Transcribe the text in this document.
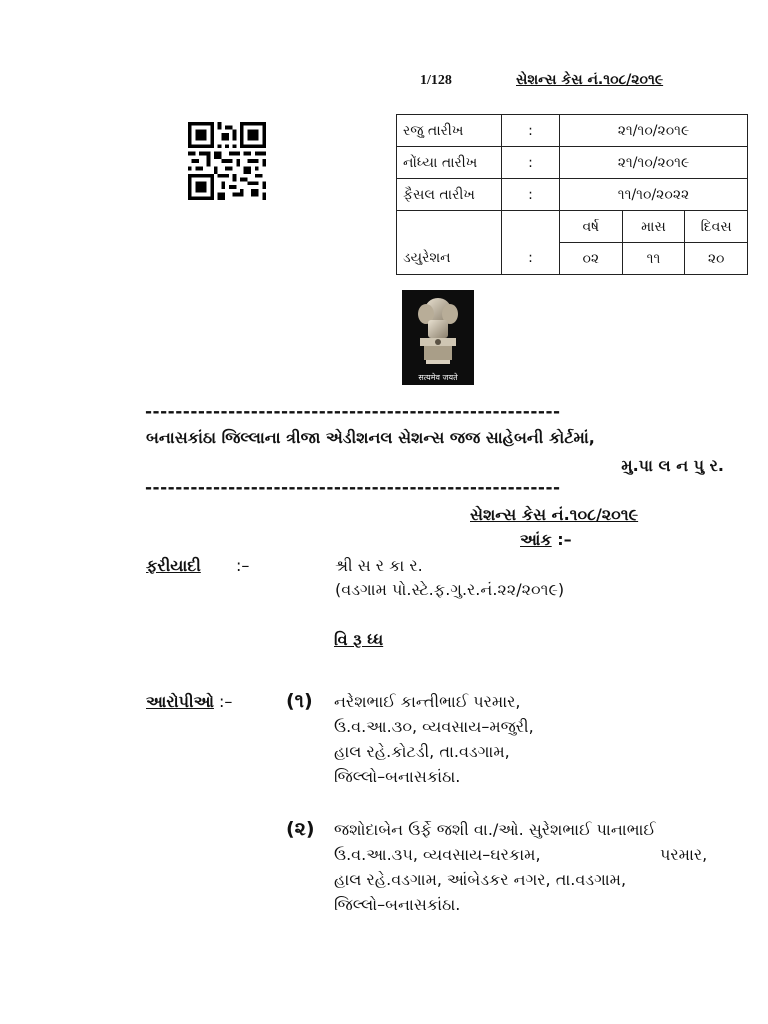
1/128	સેશન્સ કેસ નં.૧૦૮/૨૦૧૯
રજુ તારીખ	:	૨૧/૧૦/૨૦૧૯		
નોંધ્યા તારીખ	:	૨૧/૧૦/૨૦૧૯		
ફૈસલ તારીખ	:	૧૧/૧૦/૨૦૨૨		
ડયુરેશન	:	વર્ષ	માસ	દિવસ
		૦૨	૧૧	૨૦
सत्यमेव जयते
-------------------------------------------------------
બનાસકાંઠા જિલ્લાના ત્રીજા એડીશનલ સેશન્સ જજ સાહેબની કોર્ટમાં,
મુ.પા લ ન પુ ર.
-------------------------------------------------------
સેશન્સ કેસ નં.૧૦૮/૨૦૧૯
આંક :–
ફરીયાદી :–	શ્રી સ ર કા ર.
(વડગામ પો.સ્ટે.ફ.ગુ.ર.નં.૨૨/૨૦૧૯)
વિ રૂ ધ્ધ
આરોપીઓ :–	(૧) નરેશભાઈ કાન્તીભાઈ પરમાર,
ઉ.વ.આ.૩૦, વ્યવસાય–મજુરી,
હાલ રહે.કોટડી, તા.વડગામ,
જિલ્લો–બનાસકાંઠા.
(૨) જશોદાબેન ઉર્ફે જશી વા./ઓ. સુરેશભાઈ પાનાભાઈ
ઉ.વ.આ.૩૫, વ્યવસાય–ઘરકામ,	પરમાર,
હાલ રહે.વડગામ, આંબેડકર નગર, તા.વડગામ,
જિલ્લો–બનાસકાંઠા.
